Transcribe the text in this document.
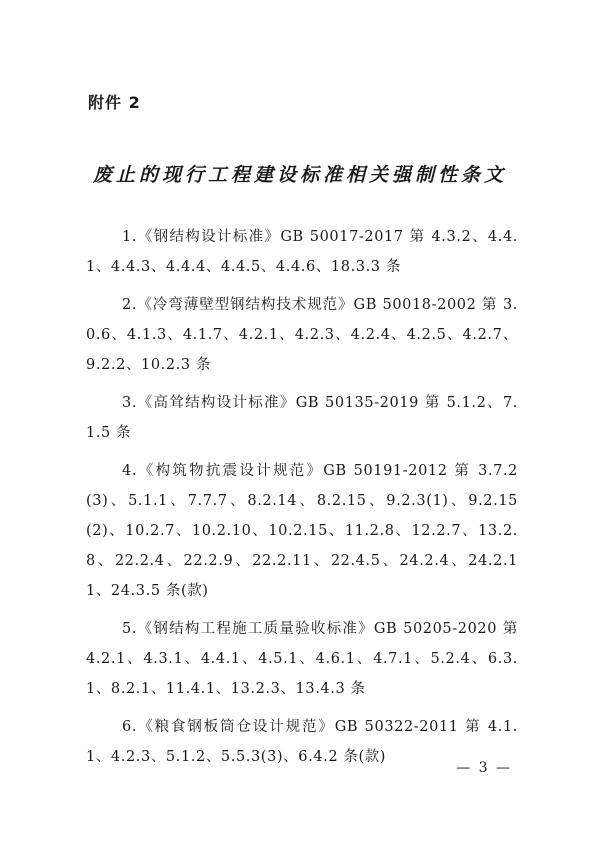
附件 2
废止的现行工程建设标准相关强制性条文

1.《钢结构设计标准》GB 50017-2017 第 4.3.2、4.4.1、4.4.3、4.4.4、4.4.5、4.4.6、18.3.3 条

2.《冷弯薄壁型钢结构技术规范》GB 50018-2002 第 3.0.6、4.1.3、4.1.7、4.2.1、4.2.3、4.2.4、4.2.5、4.2.7、9.2.2、10.2.3 条

3.《高耸结构设计标准》GB 50135-2019 第 5.1.2、7.1.5 条

4.《构筑物抗震设计规范》GB 50191-2012 第 3.7.2(3)、5.1.1、7.7.7、8.2.14、8.2.15、9.2.3(1)、9.2.15(2)、10.2.7、10.2.10、10.2.15、11.2.8、12.2.7、13.2.8、22.2.4、22.2.9、22.2.11、22.4.5、24.2.4、24.2.11、24.3.5 条(款)

5.《钢结构工程施工质量验收标准》GB 50205-2020 第 4.2.1、4.3.1、4.4.1、4.5.1、4.6.1、4.7.1、5.2.4、6.3.1、8.2.1、11.4.1、13.2.3、13.4.3 条

6.《粮食钢板筒仓设计规范》GB 50322-2011 第 4.1.1、4.2.3、5.1.2、5.5.3(3)、6.4.2 条(款)

— 3 —
